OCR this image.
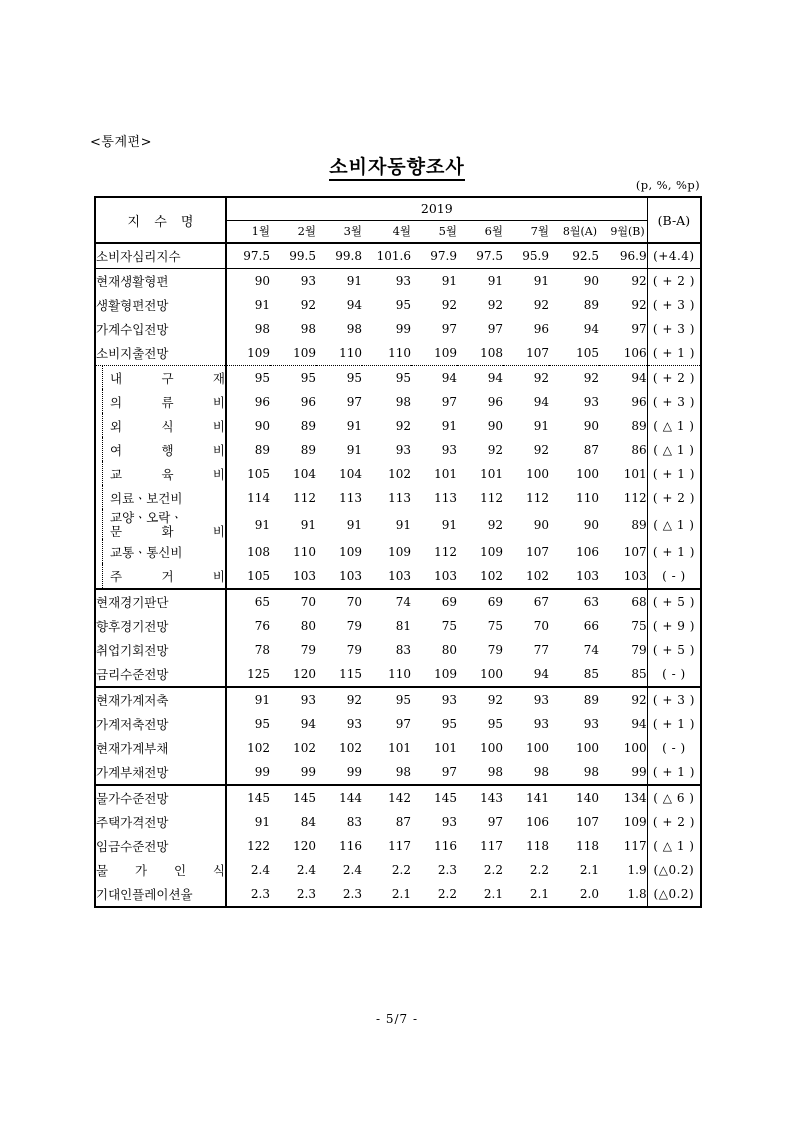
<통계편>
소비자동향조사
(p, %, %p)
지 수 명	2019									(B-A)
	1월	2월	3월	4월	5월	6월	7월	8월(A)	9월(B)	

소비자심리지수	97.5	99.5	99.8	101.6	97.9	97.5	95.9	92.5	96.9	(+4.4)

현재생활형편	90	93	91	93	91	91	91	90	92	( + 2 )

생활형편전망	91	92	94	95	92	92	92	89	92	( + 3 )

가계수입전망	98	98	98	99	97	97	96	94	97	( + 3 )

소비지출전망	109	109	110	110	109	108	107	105	106	( + 1 )

내 구 재	95	95	95	95	94	94	92	92	94	( + 2 )

의 류 비	96	96	97	98	97	96	94	93	96	( + 3 )

외 식 비	90	89	91	92	91	90	91	90	89	( △ 1 )

여 행 비	89	89	91	93	93	92	92	87	86	( △ 1 )

교 육 비	105	104	104	102	101	101	100	100	101	( + 1 )

의료ㆍ보건비	114	112	113	113	113	112	112	110	112	( + 2 )

교양ㆍ오락ㆍ
문 화 비	91	91	91	91	91	92	90	90	89	( △ 1 )

교통ㆍ통신비	108	110	109	109	112	109	107	106	107	( + 1 )

주 거 비	105	103	103	103	103	102	102	103	103	( - )

현재경기판단	65	70	70	74	69	69	67	63	68	( + 5 )

향후경기전망	76	80	79	81	75	75	70	66	75	( + 9 )

취업기회전망	78	79	79	83	80	79	77	74	79	( + 5 )

금리수준전망	125	120	115	110	109	100	94	85	85	( - )

현재가계저축	91	93	92	95	93	92	93	89	92	( + 3 )

가계저축전망	95	94	93	97	95	95	93	93	94	( + 1 )

현재가계부채	102	102	102	101	101	100	100	100	100	( - )

가계부채전망	99	99	99	98	97	98	98	98	99	( + 1 )

물가수준전망	145	145	144	142	145	143	141	140	134	( △ 6 )

주택가격전망	91	84	83	87	93	97	106	107	109	( + 2 )

임금수준전망	122	120	116	117	116	117	118	118	117	( △ 1 )

물 가 인 식	2.4	2.4	2.4	2.2	2.3	2.2	2.2	2.1	1.9	(△0.2)

기대인플레이션율	2.3	2.3	2.3	2.1	2.2	2.1	2.1	2.0	1.8	(△0.2)
- 5/7 -
